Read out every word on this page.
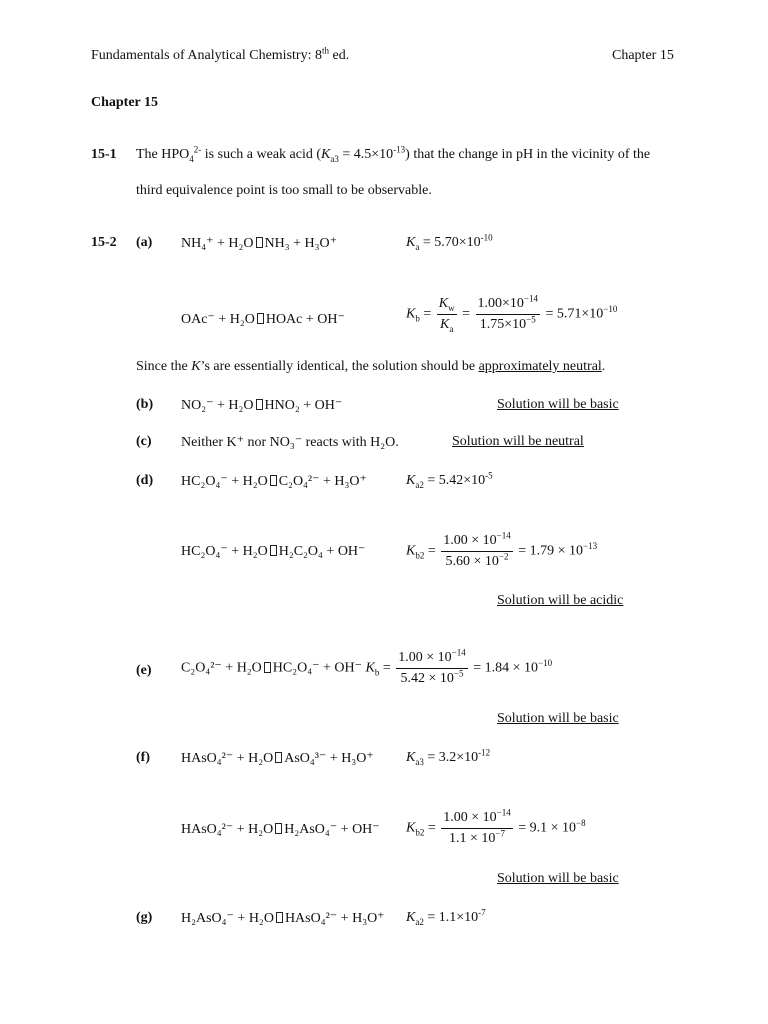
Fundamentals of Analytical Chemistry: 8th ed.	Chapter 15
Chapter 15
15-1 The $HPO_4^{2-}$ is such a weak acid $(K_{a3} = 4.5\times 10^{-13})$ that the change in pH in the vicinity of the
third equivalence point is too small to be observable.
15-2 (a) NH₄⁺ + H₂O NH₃ + H₃O⁺	$K_a = 5.70\times 10^{-10}$
OAc⁻ + H₂O HOAc + OH⁻	$K_b = \frac{K_w}{K_a} = \frac{1.00\times 10^{-14}}{1.75\times 10^{-5}} = 5.71\times 10^{-10}$
Since the K’s are essentially identical, the solution should be approximately neutral.
(b) NO₂⁻ + H₂O HNO₂ + OH⁻	Solution will be basic
(c) Neither K⁺ nor NO₃⁻ reacts with H₂O.	Solution will be neutral
(d) HC₂O₄⁻ + H₂O C₂O₄²⁻ + H₃O⁺	$K_{a2} = 5.42\times 10^{-5}$
HC₂O₄⁻ + H₂O H₂C₂O₄ + OH⁻	$K_{b2} = \frac{1.00 \times 10^{-14}}{5.60 \times 10^{-2}} = 1.79 \times 10^{-13}$
Solution will be acidic
(e) C₂O₄²⁻ + H₂O HC₂O₄⁻ + OH⁻ $K_b = \frac{1.00 \times 10^{-14}}{5.42 \times 10^{-5}} = 1.84 \times 10^{-10}$
Solution will be basic
(f) HAsO₄²⁻ + H₂O AsO₄³⁻ + H₃O⁺ $K_{a3} = 3.2\times 10^{-12}$
HAsO₄²⁻ + H₂O H₂AsO₄⁻ + OH⁻ $K_{b2} = \frac{1.00 \times 10^{-14}}{1.1 \times 10^{-7}} = 9.1 \times 10^{-8}$
Solution will be basic
(g) H₂AsO₄⁻ + H₂O HAsO₄²⁻ + H₃O⁺ $K_{a2} = 1.1\times 10^{-7}$
